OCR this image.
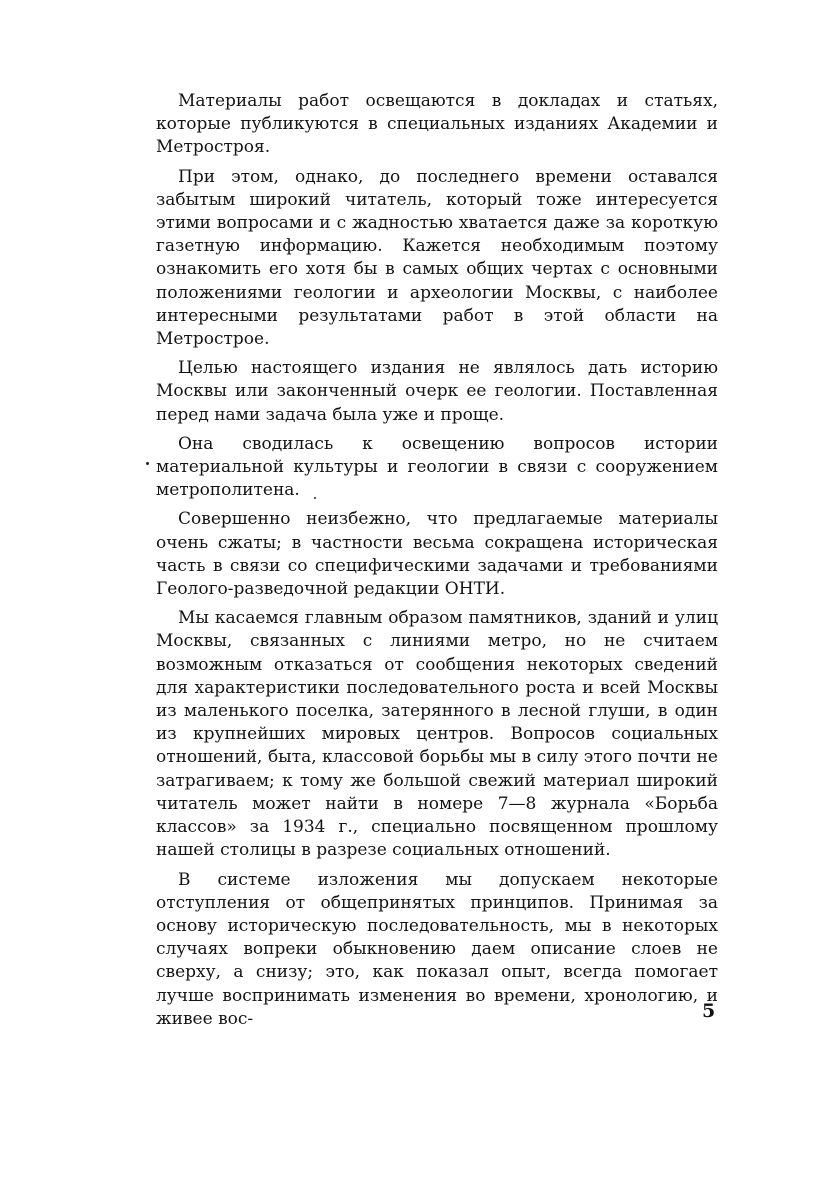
Материалы работ освещаются в докладах и статьях, которые публикуются в специальных изданиях Академии и Метростроя.

При этом, однако, до последнего времени оставался забытым широкий читатель, который тоже интересуется этими вопросами и с жадностью хватается даже за короткую газетную информацию. Кажется необходимым поэтому ознакомить его хотя бы в самых общих чертах с основными положениями геологии и археологии Москвы, с наиболее интересными результатами работ в этой области на Метрострое.

Целью настоящего издания не являлось дать историю Москвы или законченный очерк ее геологии. Поставленная перед нами задача была уже и проще.

Она сводилась к освещению вопросов истории материальной культуры и геологии в связи с сооружением метрополитена.

Совершенно неизбежно, что предлагаемые материалы очень сжаты; в частности весьма сокращена историческая часть в связи со специфическими задачами и требованиями Геолого-разведочной редакции ОНТИ.

Мы касаемся главным образом памятников, зданий и улиц Москвы, связанных с линиями метро, но не считаем возможным отказаться от сообщения некоторых сведений для характеристики последовательного роста и всей Москвы из маленького поселка, затерянного в лесной глуши, в один из крупнейших мировых центров. Вопросов социальных отношений, быта, классовой борьбы мы в силу этого почти не затрагиваем; к тому же большой свежий материал широкий читатель может найти в номере 7—8 журнала «Борьба классов» за 1934 г., специально посвященном прошлому нашей столицы в разрезе социальных отношений.

В системе изложения мы допускаем некоторые отступления от общепринятых принципов. Принимая за основу историческую последовательность, мы в некоторых случаях вопреки обыкновению даем описание слоев не сверху, а снизу; это, как показал опыт, всегда помогает лучше воспринимать изменения во времени, хронологию, и живее вос-	5
